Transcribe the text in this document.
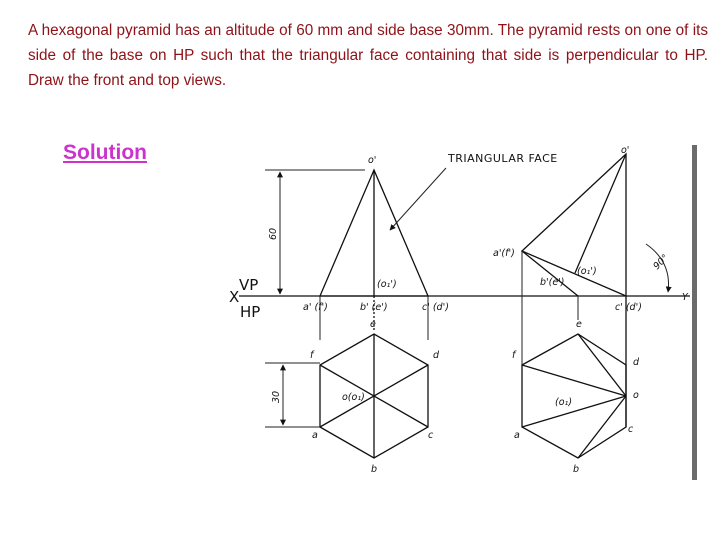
A hexagonal pyramid has an altitude of 60 mm and side base 30mm. The pyramid rests on one of its side of the base on HP such that the triangular face containing that side is perpendicular to HP. Draw the front and top views.
Solution
X	Y
VP
HP
60
30
o'
a' (f')	b' (e')	c' (d')
(o₁')
e
f	d
o(o₁)
a	c
b
o'
a'(f')
b'(e')
(o₁')
c' (d')
90°
e
f
d
o
(o₁)
a
c
b
TRIANGULAR FACE
